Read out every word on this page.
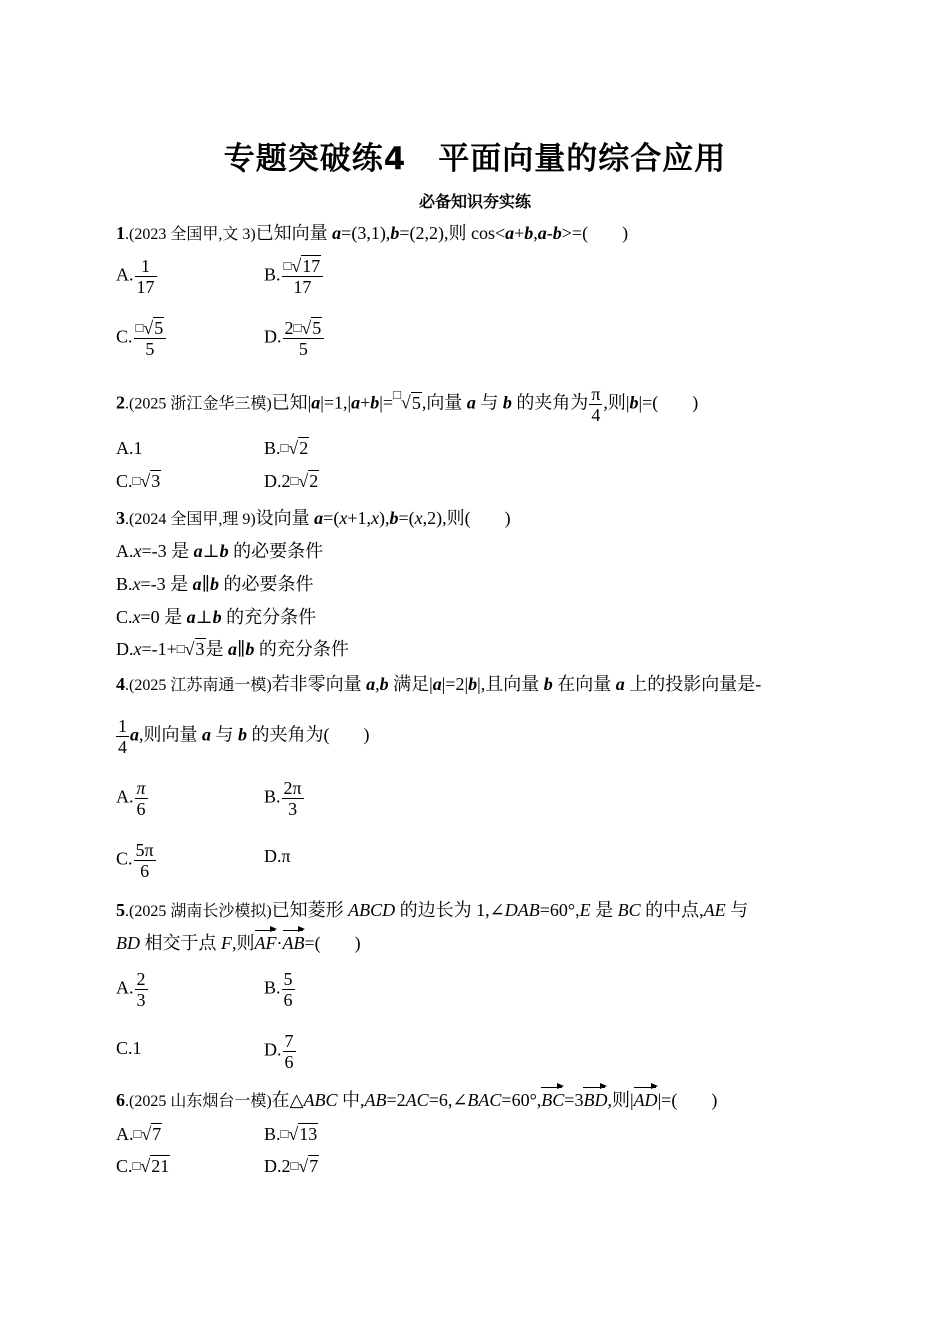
专题突破练4　平面向量的综合应用
必备知识夯实练
1.(2023 全国甲,文 3)已知向量 a=(3,1),b=(2,2),则 cos<a+b,a-b>=( )
A. $\frac{1}{17}$	B. $\frac{^□√17}{17}$
C. $\frac{^□√5}{5}$	D. $\frac{2^□√5}{5}$
2.(2025 浙江金华三模)已知|a|=1,|a+b|=□√5,向量 a 与 b 的夹角为 $\frac{\pi}{4}$ ,则|b|=( )
A.1	B.□√2
C.□√3	D.2□√2
3.(2024 全国甲,理 9)设向量 a=(x+1,x),b=(x,2),则( )
A.x=-3 是 a⊥b 的必要条件
B.x=-3 是 a∥b 的必要条件
C.x=0 是 a⊥b 的充分条件
D.x=-1+□√3是 a∥b 的充分条件
4.(2025 江苏南通一模)若非零向量 a,b 满足|a|=2|b|,且向量 b 在向量 a 上的投影向量是-
$\frac{1}{4} a$,则向量 a 与 b 的夹角为( )
A. $\frac{\pi}{6}$	B. $\frac{2\pi}{3}$
C. $\frac{5\pi}{6}$	D.π
5.(2025 湖南长沙模拟)已知菱形 ABCD 的边长为 1,∠DAB=60°,E 是 BC 的中点,AE 与
BD 相交于点 F,则AF·AB=( )
A. $\frac{2}{3}$	B. $\frac{5}{6}$
C.1	D. $\frac{7}{6}$
6.(2025 山东烟台一模)在△ABC 中,AB=2AC=6,∠BAC=60°,BC=3BD,则|AD|=( )
A.□√7	B.□√13
C.□√21	D.2□√7
